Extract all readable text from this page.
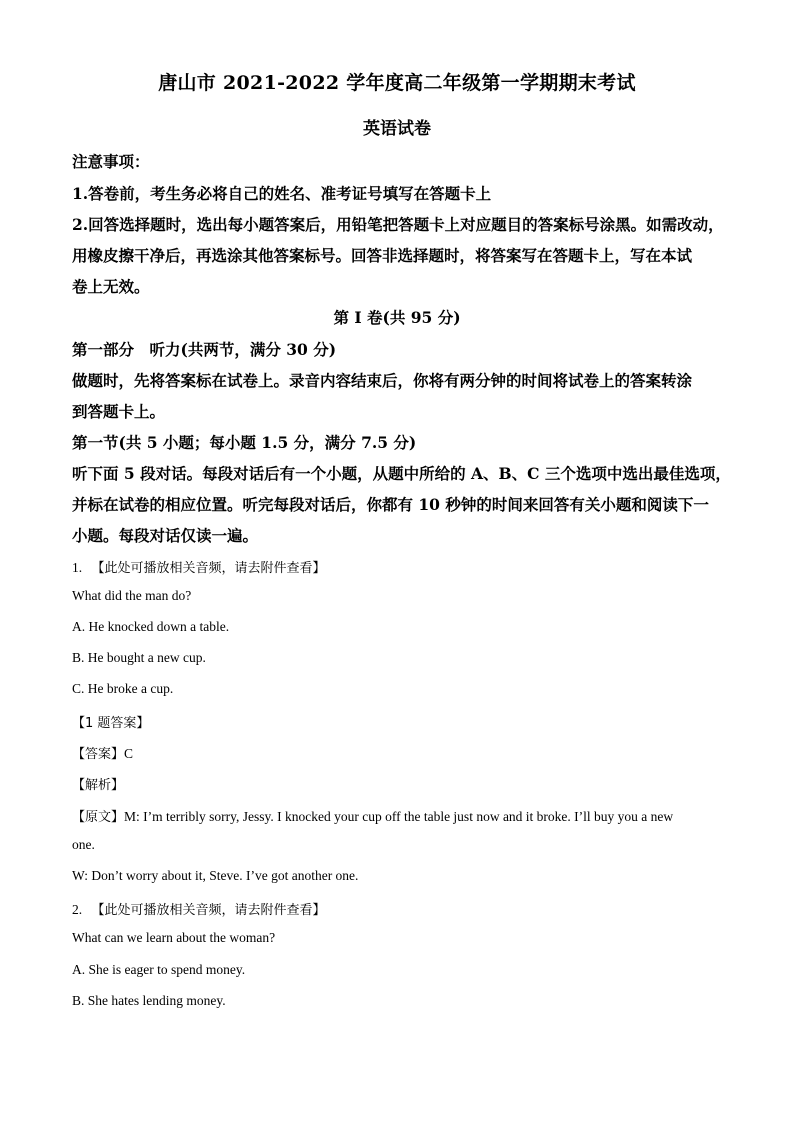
唐山市 2021-2022 学年度高二年级第一学期期末考试
英语试卷
注意事项：
1.答卷前，考生务必将自己的姓名、准考证号填写在答题卡上
2.回答选择题时，选出每小题答案后，用铅笔把答题卡上对应题目的答案标号涂黑。如需改动，
用橡皮擦干净后，再选涂其他答案标号。回答非选择题时，将答案写在答题卡上，写在本试
卷上无效。
第 I 卷(共 95 分)
第一部分　听力(共两节，满分 30 分)
做题时，先将答案标在试卷上。录音内容结束后，你将有两分钟的时间将试卷上的答案转涂
到答题卡上。
第一节(共 5 小题；每小题 1.5 分，满分 7.5 分)
听下面 5 段对话。每段对话后有一个小题，从题中所给的 A、B、C 三个选项中选出最佳选项，
并标在试卷的相应位置。听完每段对话后，你都有 10 秒钟的时间来回答有关小题和阅读下一
小题。每段对话仅读一遍。
1. 【此处可播放相关音频，请去附件查看】
What did the man do?
A. He knocked down a table.
B. He bought a new cup.
C. He broke a cup.
【1 题答案】
【答案】C
【解析】
【原文】M: I’m terribly sorry, Jessy. I knocked your cup off the table just now and it broke. I’ll buy you a new
one.
W: Don’t worry about it, Steve. I’ve got another one.
2. 【此处可播放相关音频，请去附件查看】
What can we learn about the woman?
A. She is eager to spend money.
B. She hates lending money.
